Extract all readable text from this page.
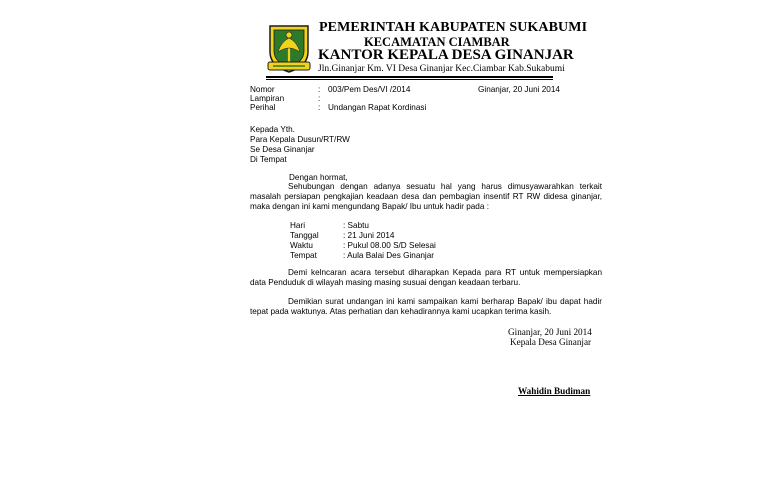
PEMERINTAH KABUPATEN SUKABUMI
KECAMATAN CIAMBAR
KANTOR KEPALA DESA GINANJAR
Jln.Ginanjar Km. VI Desa Ginanjar Kec.Ciambar Kab.Sukabumi
Nomor	: 003/Pem Des/VI /2014	Ginanjar, 20 Juni 2014
Lampiran	:
Perihal	: Undangan Rapat Kordinasi
Kepada Yth.
Para Kepala Dusun/RT/RW
Se Desa Ginanjar
Di Tempat
Dengan hormat,
Sehubungan dengan adanya sesuatu hal yang harus dimusyawarahkan terkait masalah persiapan pengkajian keadaan desa dan pembagian insentif RT RW didesa ginanjar, maka dengan ini kami mengundang Bapak/ Ibu untuk hadir pada :
Hari	: Sabtu
Tanggal	: 21 Juni 2014
Waktu	: Pukul 08.00 S/D Selesai
Tempat	: Aula Balai Des Ginanjar
Demi kelncaran acara tersebut diharapkan Kepada para RT untuk mempersiapkan data Penduduk di wilayah masing masing susuai dengan keadaan terbaru.
Demikian surat undangan ini kami sampaikan kami berharap Bapak/ ibu dapat hadir tepat pada waktunya. Atas perhatian dan kehadirannya kami ucapkan terima kasih.
Ginanjar, 20 Juni 2014
Kepala Desa Ginanjar
Wahidin Budiman
